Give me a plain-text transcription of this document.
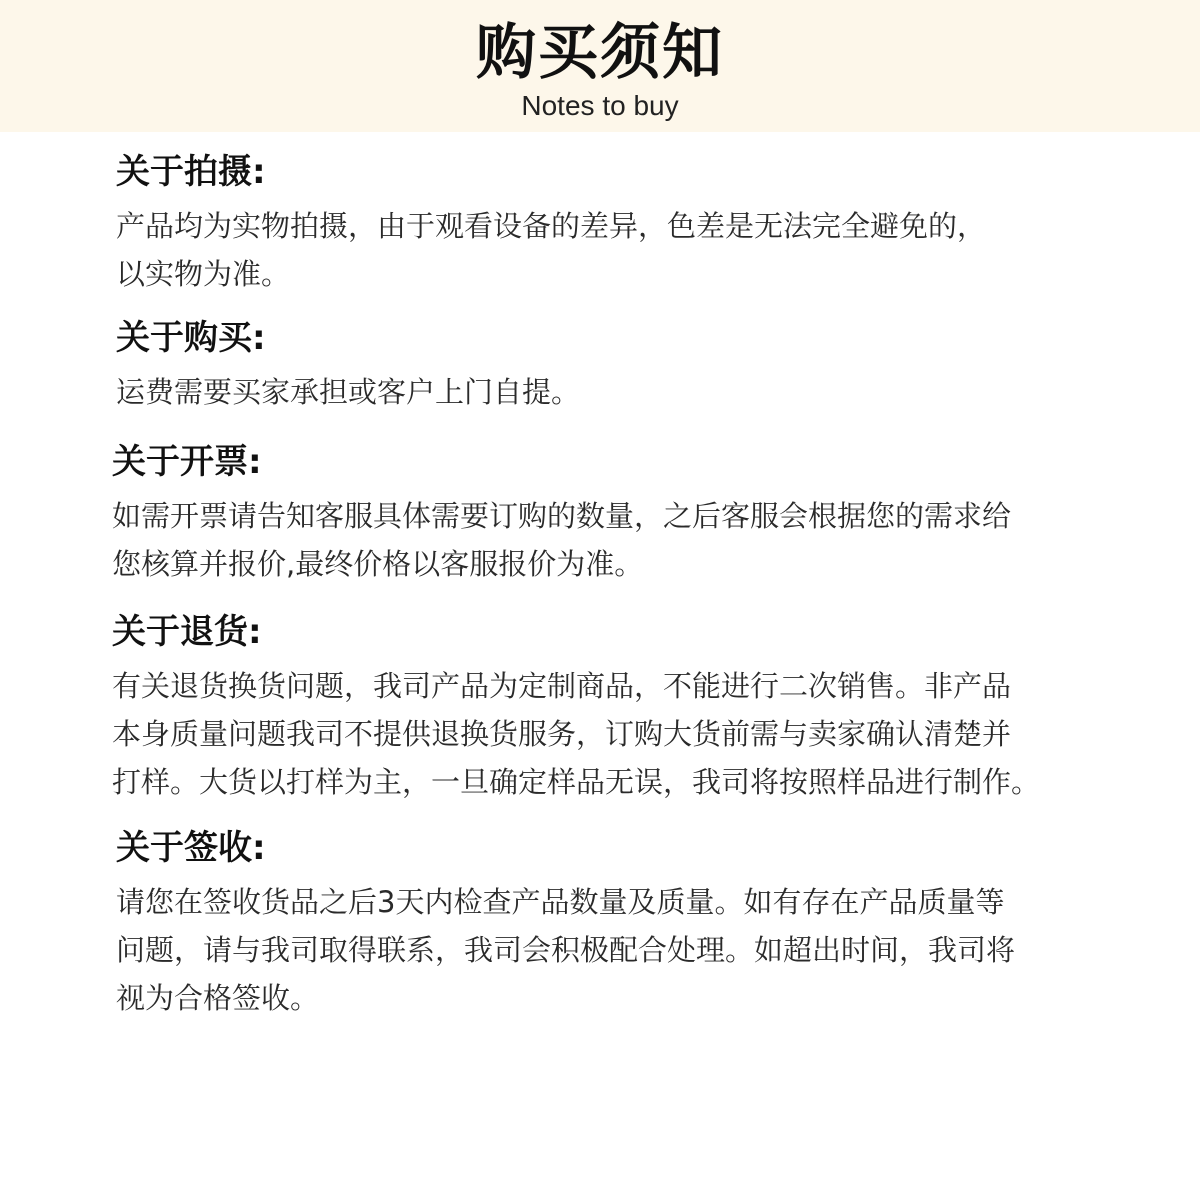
购买须知
Notes to buy
关于拍摄:
产品均为实物拍摄，由于观看设备的差异，色差是无法完全避免的，
以实物为准。
关于购买:
运费需要买家承担或客户上门自提。
关于开票:
如需开票请告知客服具体需要订购的数量，之后客服会根据您的需求给
您核算并报价,最终价格以客服报价为准。
关于退货:
有关退货换货问题，我司产品为定制商品，不能进行二次销售。非产品
本身质量问题我司不提供退换货服务，订购大货前需与卖家确认清楚并
打样。大货以打样为主，一旦确定样品无误，我司将按照样品进行制作。
关于签收:
请您在签收货品之后3天内检查产品数量及质量。如有存在产品质量等
问题，请与我司取得联系，我司会积极配合处理。如超出时间，我司将
视为合格签收。
